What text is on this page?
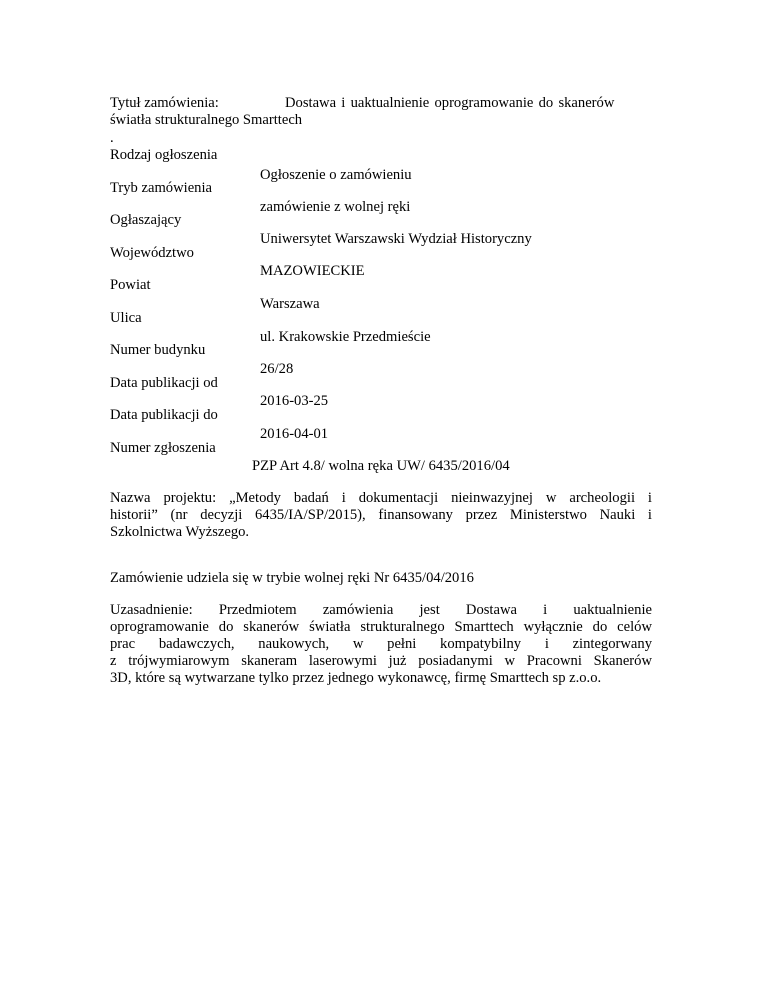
Tytuł zamówienia:	Dostawa i uaktualnienie oprogramowanie do skanerów
światła strukturalnego Smarttech
.
Rodzaj ogłoszenia
Ogłoszenie o zamówieniu
Tryb zamówienia
zamówienie z wolnej ręki
Ogłaszający
Uniwersytet Warszawski Wydział Historyczny
Województwo
MAZOWIECKIE
Powiat
Warszawa
Ulica
ul. Krakowskie Przedmieście
Numer budynku
26/28
Data publikacji od
2016-03-25
Data publikacji do
2016-04-01
Numer zgłoszenia
PZP Art 4.8/ wolna ręka UW/ 6435/2016/04
Nazwa projektu: „Metody badań i dokumentacji nieinwazyjnej w archeologii i
historii” (nr decyzji 6435/IA/SP/2015), finansowany przez Ministerstwo Nauki i
Szkolnictwa Wyższego.
Zamówienie udziela się w trybie wolnej ręki Nr 6435/04/2016
Uzasadnienie: Przedmiotem zamówienia jest Dostawa i uaktualnienie
oprogramowanie do skanerów światła strukturalnego Smarttech wyłącznie do celów
prac badawczych, naukowych, w pełni kompatybilny i zintegorwany
z trójwymiarowym skaneram laserowymi już posiadanymi w Pracowni Skanerów
3D, które są wytwarzane tylko przez jednego wykonawcę, firmę Smarttech sp z.o.o.
